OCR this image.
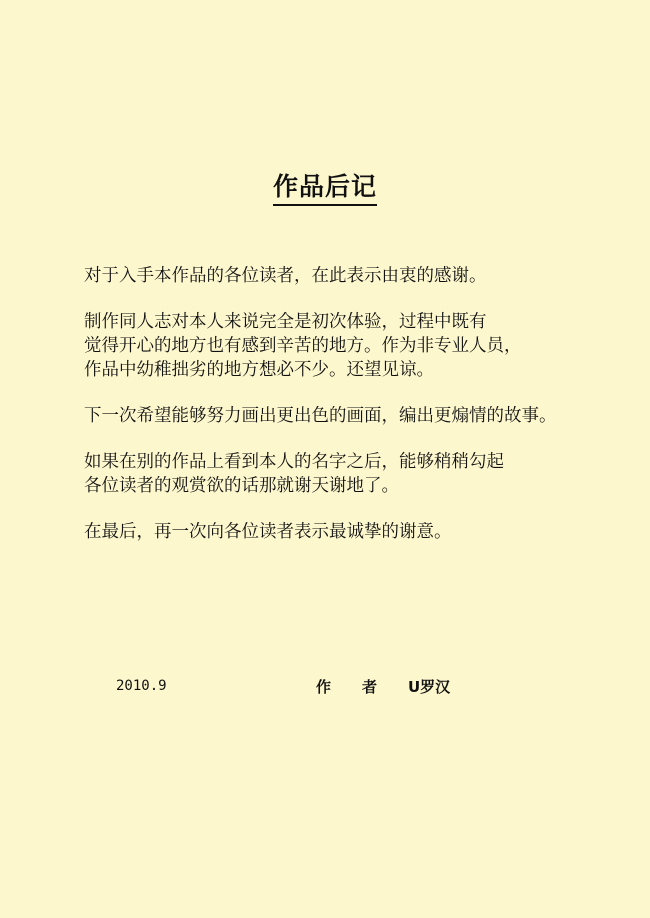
作品后记

对于入手本作品的各位读者，在此表示由衷的感谢。

制作同人志对本人来说完全是初次体验，过程中既有
觉得开心的地方也有感到辛苦的地方。作为非专业人员，
作品中幼稚拙劣的地方想必不少。还望见谅。

下一次希望能够努力画出更出色的画面，编出更煽情的故事。

如果在别的作品上看到本人的名字之后，能够稍稍勾起
各位读者的观赏欲的话那就谢天谢地了。

在最后，再一次向各位读者表示最诚挚的谢意。

2010.9	作 者 U罗汉
